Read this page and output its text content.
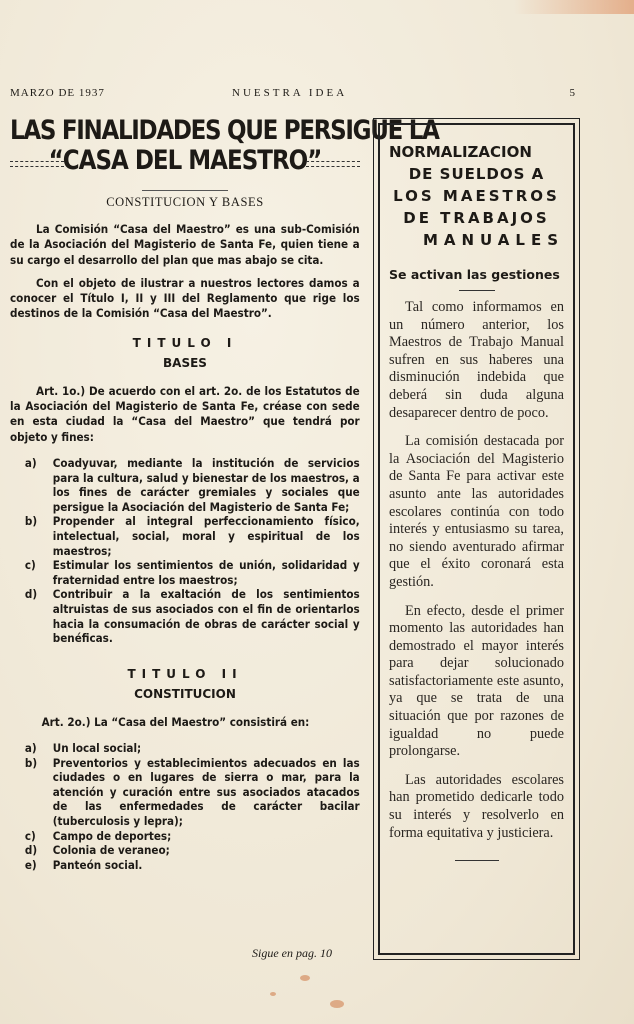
MARZO DE 1937	NUESTRA IDEA	5
LAS FINALIDADES QUE PERSIGUE LA
“CASA DEL MAESTRO”
CONSTITUCION Y BASES

La Comisión “Casa del Maestro” es una sub-Comisión de la Asociación del Magisterio de Santa Fe, quien tiene a su cargo el desarrollo del plan que mas abajo se cita.

Con el objeto de ilustrar a nuestros lectores damos a conocer el Título I, II y III del Reglamento que rige los destinos de la Comisión “Casa del Maestro”.

TITULO I
BASES

Art. 1o.) De acuerdo con el art. 2o. de los Estatutos de la Asociación del Magisterio de Santa Fe, créase con sede en esta ciudad la “Casa del Maestro” que tendrá por objeto y fines:

a) Coadyuvar, mediante la institución de servicios para la cultura, salud y bienestar de los maestros, a los fines de carácter gremiales y sociales que persigue la Asociación del Magisterio de Santa Fe;
b) Propender al integral perfeccionamiento físico, intelectual, social, moral y espiritual de los maestros;
c) Estimular los sentimientos de unión, solidaridad y fraternidad entre los maestros;
d) Contribuir a la exaltación de los sentimientos altruistas de sus asociados con el fin de orientarlos hacia la consumación de obras de carácter social y benéficas.
TITULO II
CONSTITUCION

Art. 2o.) La “Casa del Maestro” consistirá en:

a) Un local social;
b) Preventorios y establecimientos adecuados en las ciudades o en lugares de sierra o mar, para la atención y curación entre sus asociados atacados de las enfermedades de carácter bacilar (tuberculosis y lepra);
c) Campo de deportes;
d) Colonia de veraneo;
e) Panteón social.
Sigue en pag. 10
NORMALIZACION
DE SUELDOS A
LOS MAESTROS
DE TRABAJOS
MANUALES
Se activan las gestiones

Tal como informamos en un número anterior, los Maestros de Trabajo Manual sufren en sus haberes una disminución indebida que deberá sin duda alguna desaparecer dentro de poco.

La comisión destacada por la Asociación del Magisterio de Santa Fe para activar este asunto ante las autoridades escolares continúa con todo interés y entusiasmo su tarea, no siendo aventurado afirmar que el éxito coronará esta gestión.

En efecto, desde el primer momento las autoridades han demostrado el mayor interés para dejar solucionado satisfactoriamente este asunto, ya que se trata de una situación que por razones de igualdad no puede prolongarse.

Las autoridades escolares han prometido dedicarle todo su interés y resolverlo en forma equitativa y justiciera.
